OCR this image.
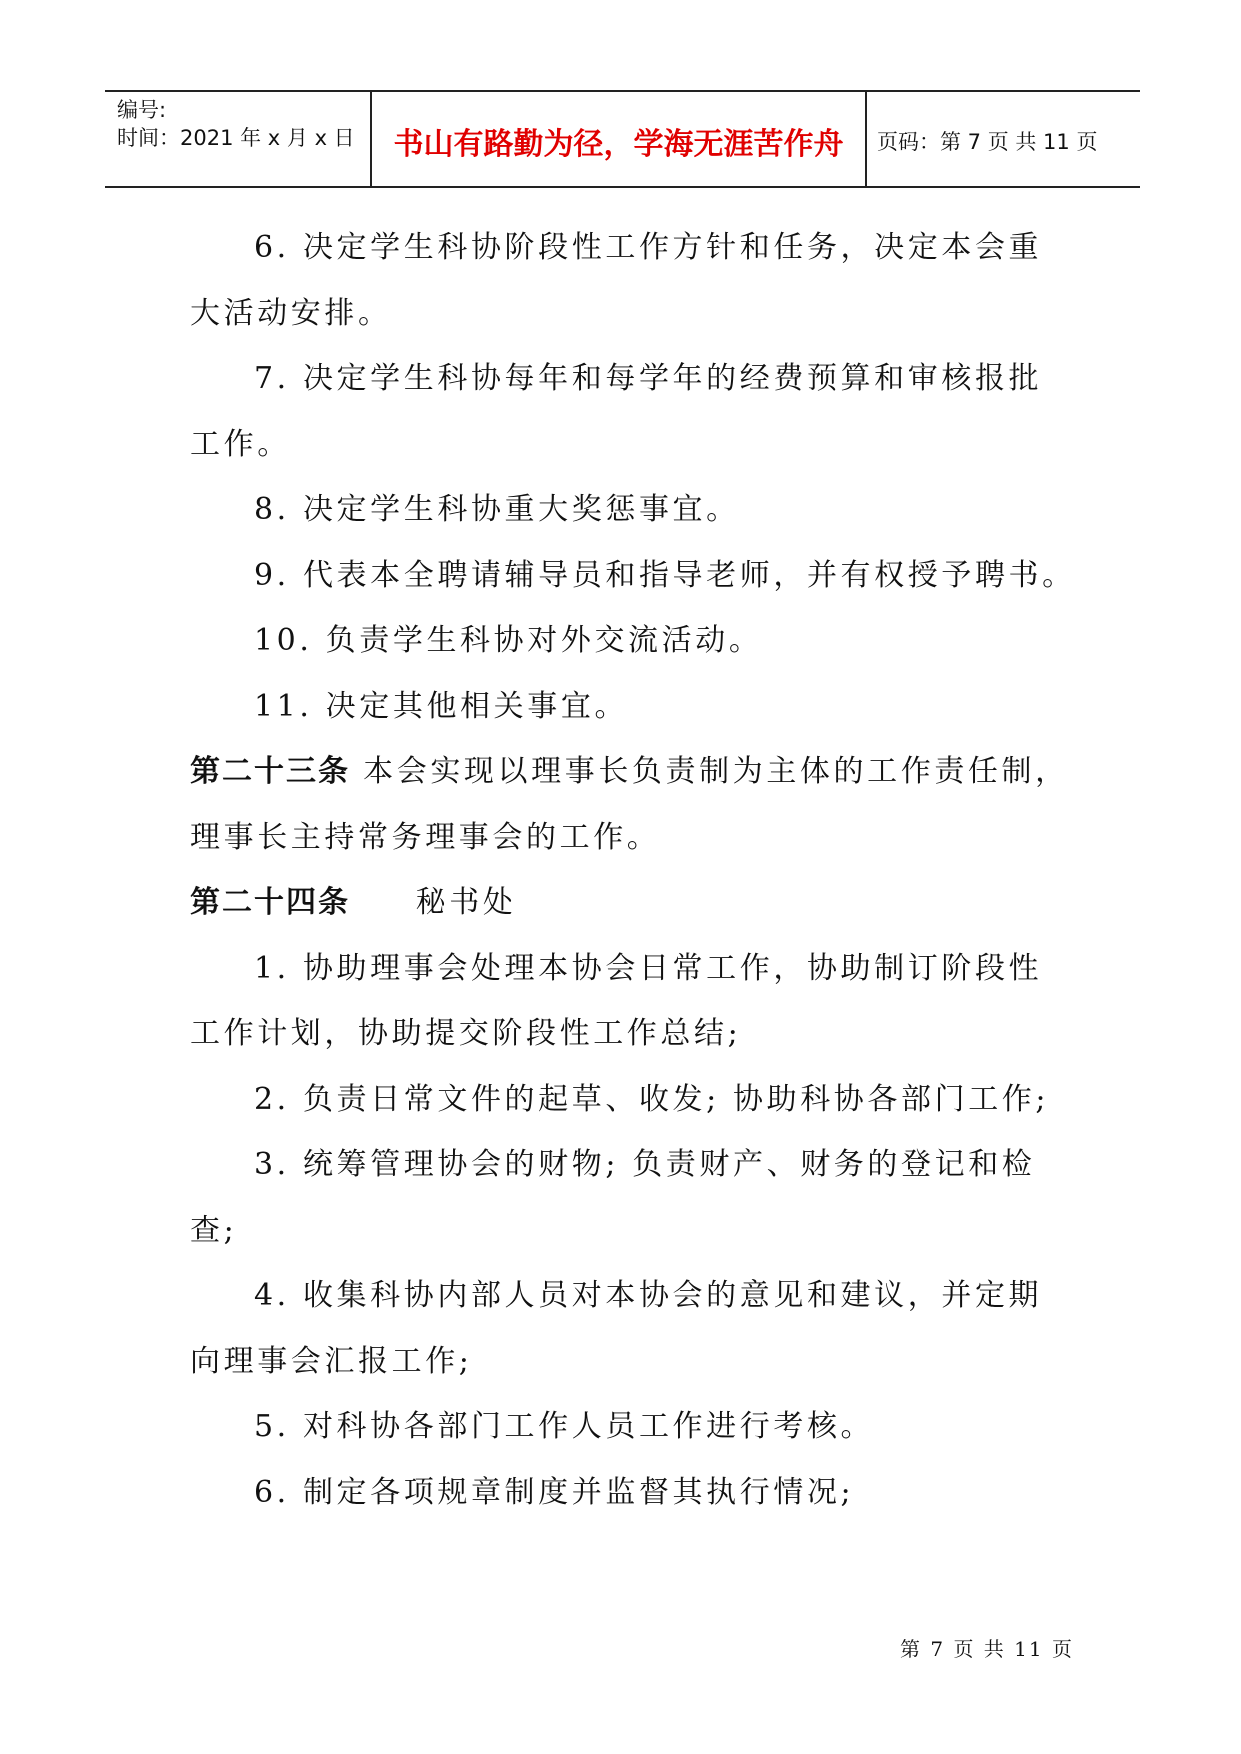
编号:
时间：2021 年 x 月 x 日	书山有路勤为径，学海无涯苦作舟	页码：第 7 页 共 11 页

6. 决定学生科协阶段性工作方针和任务，决定本会重

大活动安排。

7. 决定学生科协每年和每学年的经费预算和审核报批

工作。

8. 决定学生科协重大奖惩事宜。

9. 代表本全聘请辅导员和指导老师，并有权授予聘书。

10. 负责学生科协对外交流活动。

11. 决定其他相关事宜。

第二十三条 本会实现以理事长负责制为主体的工作责任制，

理事长主持常务理事会的工作。

第二十四条     秘书处

1. 协助理事会处理本协会日常工作，协助制订阶段性

工作计划，协助提交阶段性工作总结;

2. 负责日常文件的起草、收发; 协助科协各部门工作;

3. 统筹管理协会的财物; 负责财产、财务的登记和检

查;

4. 收集科协内部人员对本协会的意见和建议，并定期

向理事会汇报工作;

5. 对科协各部门工作人员工作进行考核。

6. 制定各项规章制度并监督其执行情况;

第 7 页 共 11 页
